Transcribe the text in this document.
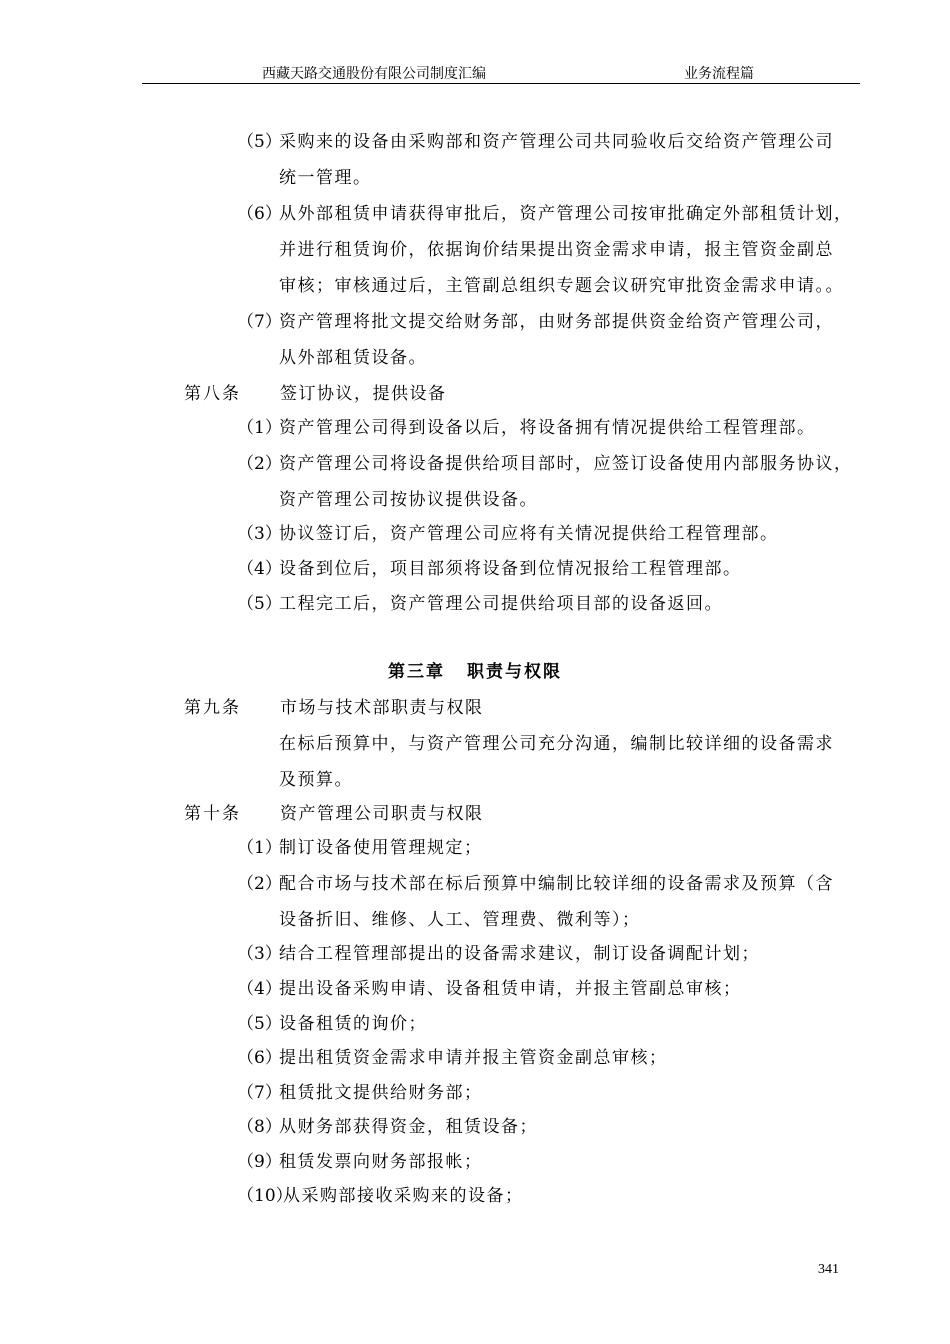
西藏天路交通股份有限公司制度汇编	业务流程篇
（5）采购来的设备由采购部和资产管理公司共同验收后交给资产管理公司
统一管理。
（6）从外部租赁申请获得审批后，资产管理公司按审批确定外部租赁计划，
并进行租赁询价，依据询价结果提出资金需求申请，报主管资金副总
审核；审核通过后，主管副总组织专题会议研究审批资金需求申请。。
（7）资产管理将批文提交给财务部，由财务部提供资金给资产管理公司，
从外部租赁设备。
第八条 签订协议，提供设备
（1）资产管理公司得到设备以后，将设备拥有情况提供给工程管理部。
（2）资产管理公司将设备提供给项目部时，应签订设备使用内部服务协议，
资产管理公司按协议提供设备。
（3）协议签订后，资产管理公司应将有关情况提供给工程管理部。
（4）设备到位后，项目部须将设备到位情况报给工程管理部。
（5）工程完工后，资产管理公司提供给项目部的设备返回。
第三章 职责与权限
第九条 市场与技术部职责与权限
在标后预算中，与资产管理公司充分沟通，编制比较详细的设备需求
及预算。
第十条 资产管理公司职责与权限
（1）制订设备使用管理规定；
（2）配合市场与技术部在标后预算中编制比较详细的设备需求及预算（含
设备折旧、维修、人工、管理费、微利等）；
（3）结合工程管理部提出的设备需求建议，制订设备调配计划；
（4）提出设备采购申请、设备租赁申请，并报主管副总审核；
（5）设备租赁的询价；
（6）提出租赁资金需求申请并报主管资金副总审核；
（7）租赁批文提供给财务部；
（8）从财务部获得资金，租赁设备；
（9）租赁发票向财务部报帐；
（10）从采购部接收采购来的设备；
341
